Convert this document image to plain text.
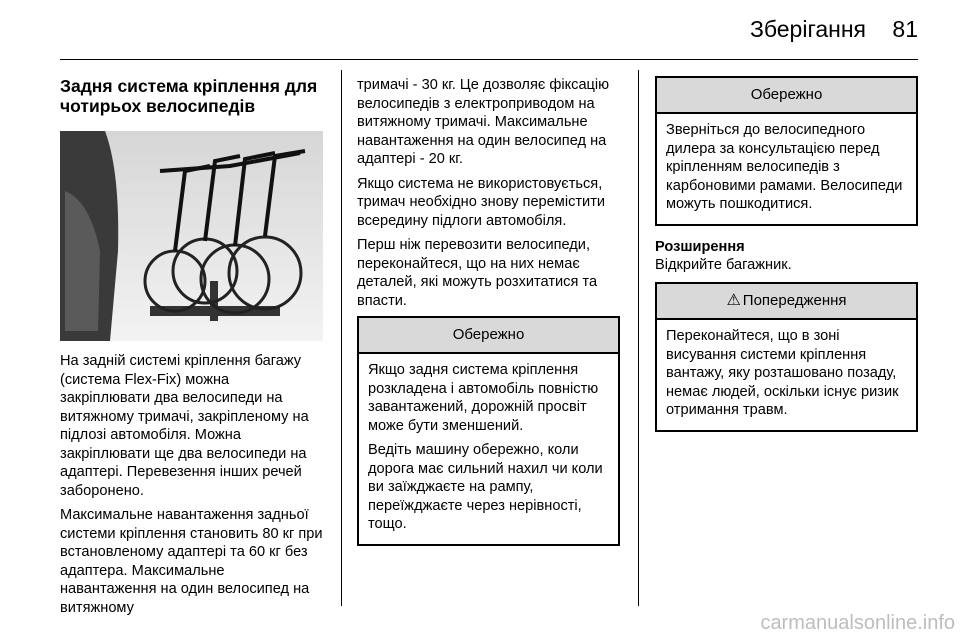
Зберігання 81
Задня система кріплення для чотирьох велосипедів

На задній системі кріплення багажу (система Flex-Fix) можна закріплювати два велосипеди на витяжному тримачі, закріпленому на підлозі автомобіля. Можна закріплювати ще два велосипеди на адаптері. Перевезення інших речей заборонено.

Максимальне навантаження задньої системи кріплення становить 80 кг при встановленому адаптері та 60 кг без адаптера. Максимальне навантаження на один велосипед на витяжному

тримачі - 30 кг. Це дозволяє фіксацію велосипедів з електроприводом на витяжному тримачі. Максимальне навантаження на один велосипед на адаптері - 20 кг.

Якщо система не використовується, тримач необхідно знову перемістити всередину підлоги автомобіля.

Перш ніж перевозити велосипеди, переконайтеся, що на них немає деталей, які можуть розхитатися та впасти.

Обережно

Якщо задня система кріплення розкладена і автомобіль повністю завантажений, дорожній просвіт може бути зменшений.

Ведіть машину обережно, коли дорога має сильний нахил чи коли ви заїжджаєте на рампу, переїжджаєте через нерівності, тощо.

Обережно

Зверніться до велосипедного дилера за консультацією перед кріпленням велосипедів з карбоновими рамами. Велосипеди можуть пошкодитися.

Розширення

Відкрийте багажник.

⚠ Попередження

Переконайтеся, що в зоні висування системи кріплення вантажу, яку розташовано позаду, немає людей, оскільки існує ризик отримання травм.

carmanualsonline.info
